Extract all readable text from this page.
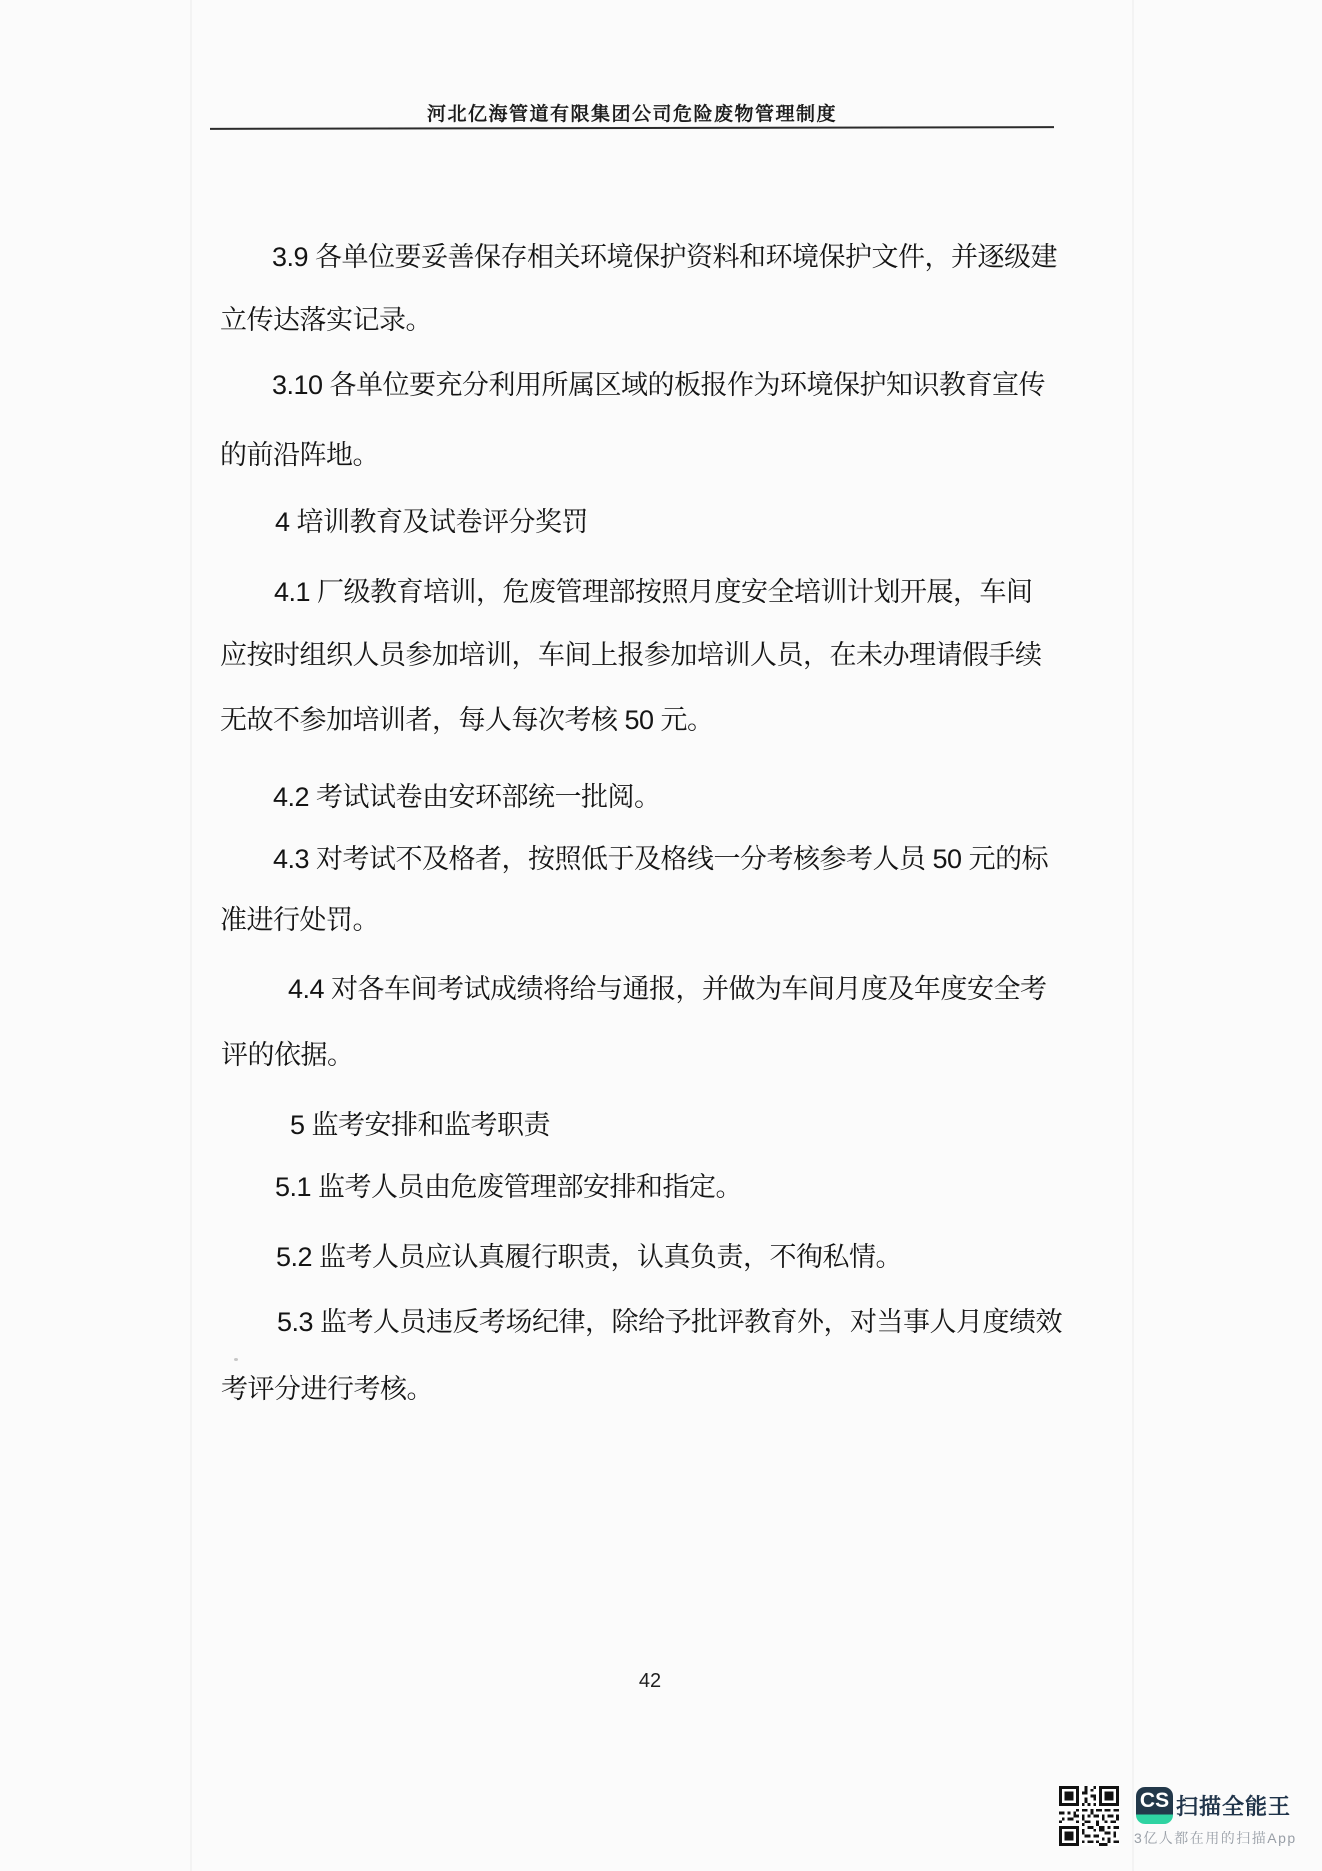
河北亿海管道有限集团公司危险废物管理制度
3.9 各单位要妥善保存相关环境保护资料和环境保护文件，并逐级建
立传达落实记录。
3.10 各单位要充分利用所属区域的板报作为环境保护知识教育宣传
的前沿阵地。
4 培训教育及试卷评分奖罚
4.1 厂级教育培训，危废管理部按照月度安全培训计划开展，车间
应按时组织人员参加培训，车间上报参加培训人员，在未办理请假手续
无故不参加培训者，每人每次考核 50 元。
4.2 考试试卷由安环部统一批阅。
4.3 对考试不及格者，按照低于及格线一分考核参考人员 50 元的标
准进行处罚。
4.4 对各车间考试成绩将给与通报，并做为车间月度及年度安全考
评的依据。
5 监考安排和监考职责
5.1 监考人员由危废管理部安排和指定。
5.2 监考人员应认真履行职责，认真负责，不徇私情。
5.3 监考人员违反考场纪律，除给予批评教育外，对当事人月度绩效
考评分进行考核。
42
CS 扫描全能王
3亿人都在用的扫描App
